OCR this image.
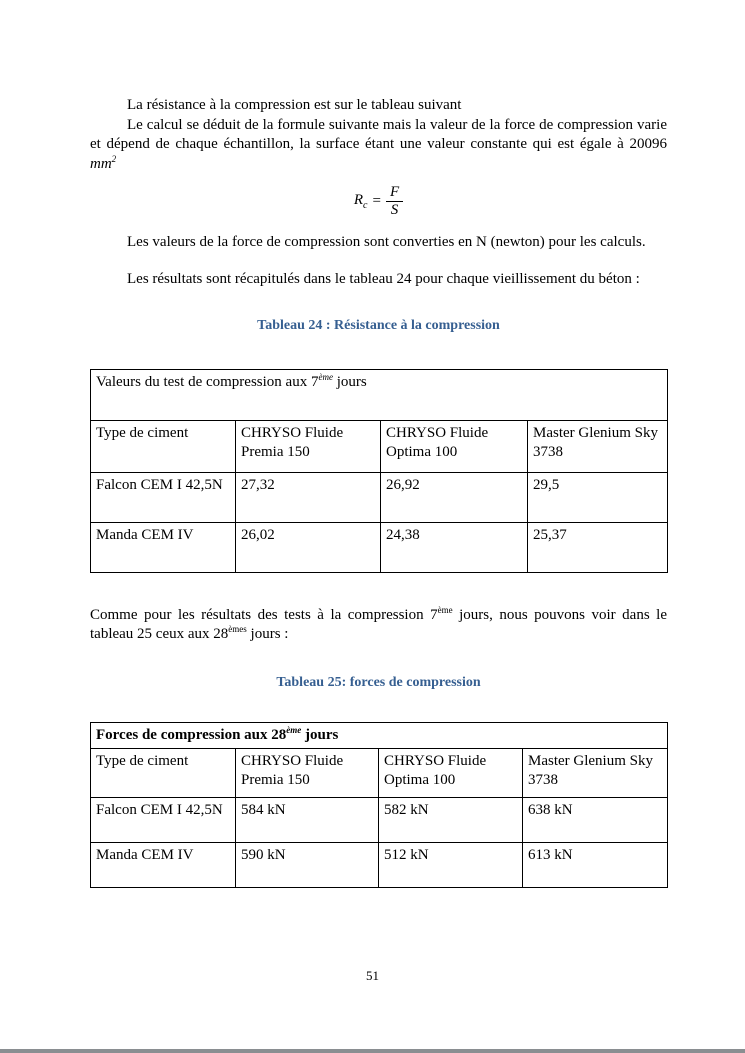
La résistance à la compression est sur le tableau suivant

Le calcul se déduit de la formule suivante mais la valeur de la force de compression varie et dépend de chaque échantillon, la surface étant une valeur constante qui est égale à 20096 $mm^2$

$R_c = \frac{F}{S}$

Les valeurs de la force de compression sont converties en N (newton) pour les calculs.

Les résultats sont récapitulés dans le tableau 24 pour chaque vieillissement du béton :

Tableau 24 : Résistance à la compression

Valeurs du test de compression aux 7ème jours			
Type de ciment	CHRYSO Fluide Premia 150	CHRYSO Fluide Optima 100	Master Glenium Sky 3738
Falcon CEM I 42,5N	27,32	26,92	29,5
Manda CEM IV	26,02	24,38	25,37

Comme pour les résultats des tests à la compression 7ème jours, nous pouvons voir dans le tableau 25 ceux aux 28èmes jours :

Tableau 25: forces de compression

Forces de compression aux 28ème jours			
Type de ciment	CHRYSO Fluide Premia 150	CHRYSO Fluide Optima 100	Master Glenium Sky 3738
Falcon CEM I 42,5N	584 kN	582 kN	638 kN
Manda CEM IV	590 kN	512 kN	613 kN
51
